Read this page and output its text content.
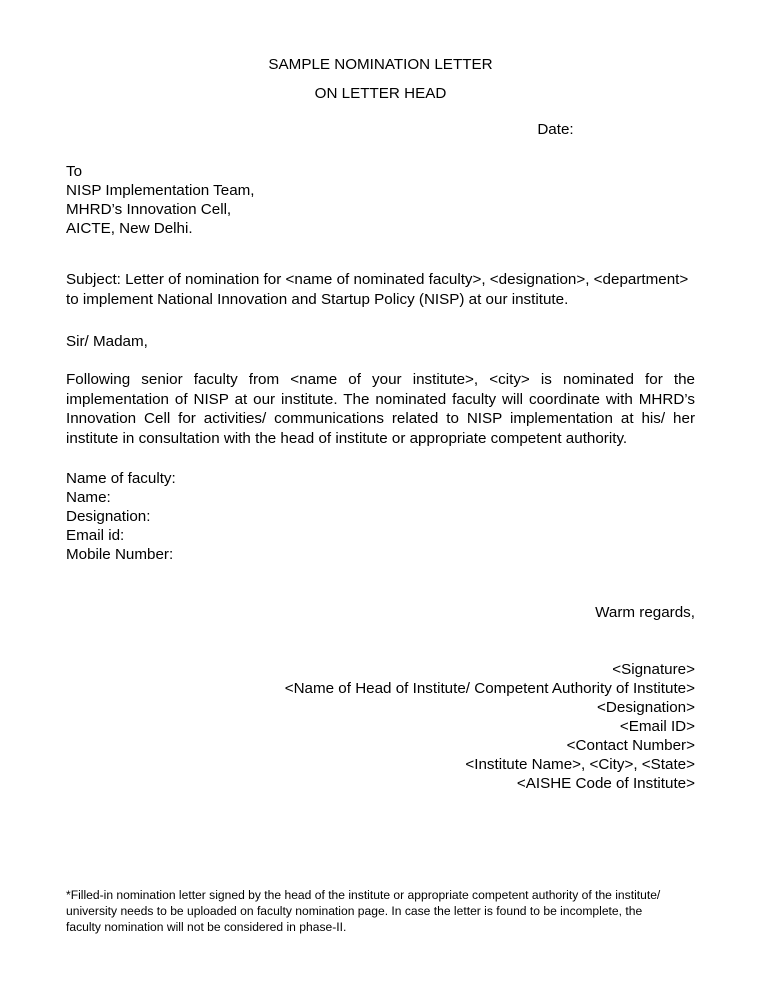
SAMPLE NOMINATION LETTER
ON LETTER HEAD
Date:
To
NISP Implementation Team,
MHRD’s Innovation Cell,
AICTE, New Delhi.
Subject: Letter of nomination for <name of nominated faculty>, <designation>, <department> to implement National Innovation and Startup Policy (NISP) at our institute.
Sir/ Madam,
Following senior faculty from <name of your institute>, <city> is nominated for the implementation of NISP at our institute. The nominated faculty will coordinate with MHRD’s Innovation Cell for activities/ communications related to NISP implementation at his/ her institute in consultation with the head of institute or appropriate competent authority.
Name of faculty:
Name:
Designation:
Email id:
Mobile Number:
Warm regards,
<Signature>
<Name of Head of Institute/ Competent Authority of Institute>
<Designation>
<Email ID>
<Contact Number>
<Institute Name>, <City>, <State>
<AISHE Code of Institute>
*Filled-in nomination letter signed by the head of the institute or appropriate competent authority of the institute/ university needs to be uploaded on faculty nomination page. In case the letter is found to be incomplete, the faculty nomination will not be considered in phase-II.
